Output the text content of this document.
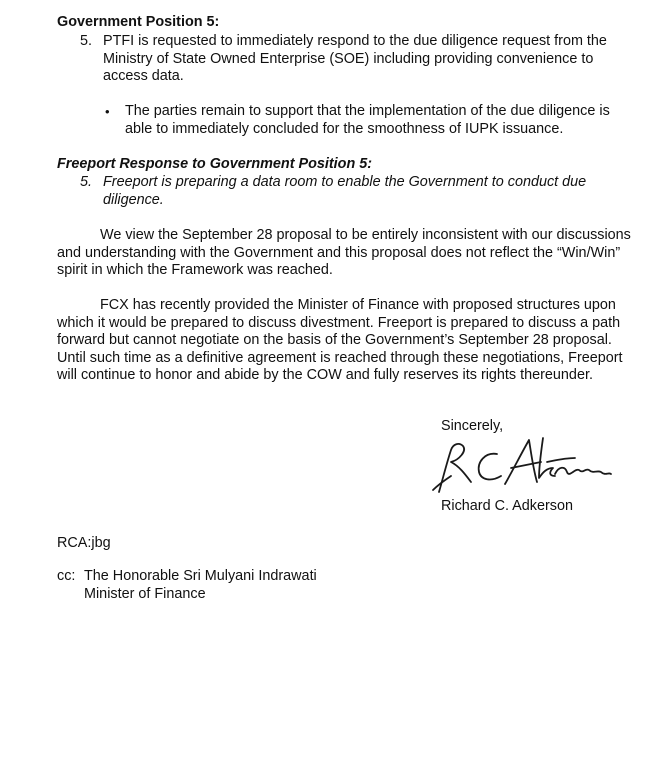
Government Position 5:
5. PTFI is requested to immediately respond to the due diligence request from the Ministry of State Owned Enterprise (SOE) including providing convenience to access data.
• The parties remain to support that the implementation of the due diligence is able to immediately concluded for the smoothness of IUPK issuance.
Freeport Response to Government Position 5:
5. Freeport is preparing a data room to enable the Government to conduct due diligence.
We view the September 28 proposal to be entirely inconsistent with our discussions and understanding with the Government and this proposal does not reflect the “Win/Win” spirit in which the Framework was reached.
FCX has recently provided the Minister of Finance with proposed structures upon which it would be prepared to discuss divestment. Freeport is prepared to discuss a path forward but cannot negotiate on the basis of the Government’s September 28 proposal. Until such time as a definitive agreement is reached through these negotiations, Freeport will continue to honor and abide by the COW and fully reserves its rights thereunder.
Sincerely,
Richard C. Adkerson
RCA:jbg
cc: The Honorable Sri Mulyani Indrawati
Minister of Finance
